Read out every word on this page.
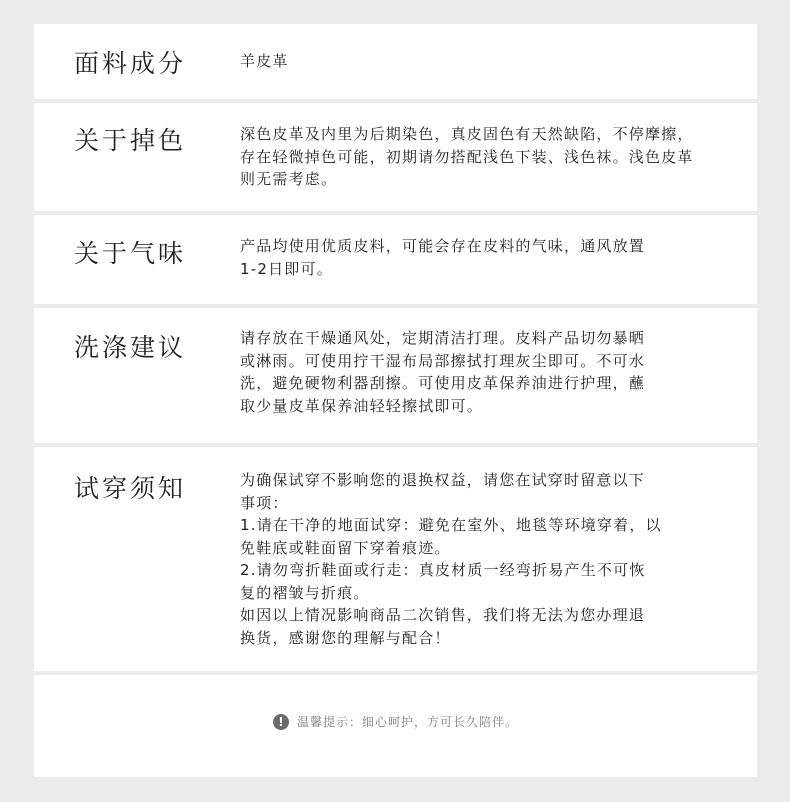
面料成分	羊皮革

关于掉色	深色皮革及内里为后期染色，真皮固色有天然缺陷，不停摩擦，

存在轻微掉色可能，初期请勿搭配浅色下装、浅色袜。浅色皮革

则无需考虑。

关于气味	产品均使用优质皮料，可能会存在皮料的气味，通风放置

1-2日即可。

洗涤建议	请存放在干燥通风处，定期清洁打理。皮料产品切勿暴晒

或淋雨。可使用拧干湿布局部擦拭打理灰尘即可。不可水

洗，避免硬物利器刮擦。可使用皮革保养油进行护理，蘸

取少量皮革保养油轻轻擦拭即可。

试穿须知	为确保试穿不影响您的退换权益，请您在试穿时留意以下

事项：

1.请在干净的地面试穿：避免在室外、地毯等环境穿着，以

免鞋底或鞋面留下穿着痕迹。

2.请勿弯折鞋面或行走：真皮材质一经弯折易产生不可恢

复的褶皱与折痕。

如因以上情况影响商品二次销售，我们将无法为您办理退

换货，感谢您的理解与配合！

!	温馨提示：细心呵护，方可长久陪伴。
